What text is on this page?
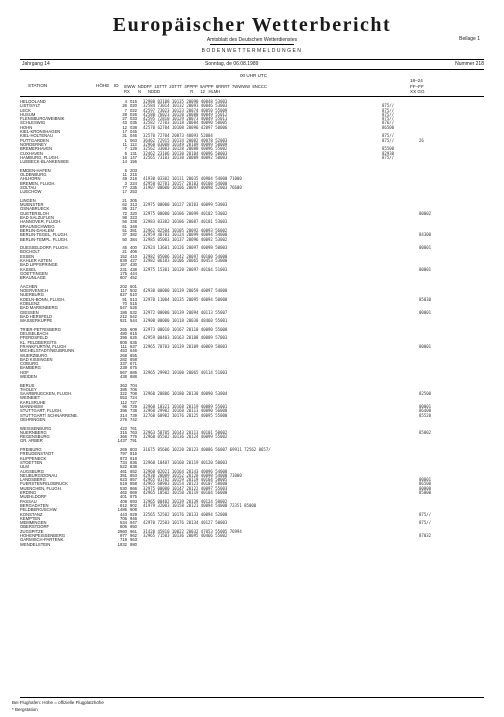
Europäischer Wetterbericht
Amtsblatt des Deutschen Wetterdienstes	Beilage 1
BODENWETTERMELDUNGEN
Jahrgang 14	Sonntag, de 06.08.1989	Nummer 218
00 UHR UTC
18–24
STATION	HÖHE ID IIIWW  NDDFF  1STTT  2STTT  4PPPP  5APPP  6RRRT  7WWWW  8NCCC
RX       N      NDDD                          R      12   HLMH
FF–FF
XX GG
HELGOLAND	4 015 32980 03108 10135 20090 40048 53003
LIST/SYLT	26 020 32584 73014 10132 20093 40046 53003	875//
LECK	7 022 42597 73023 10123 20074 40050 55009	875//
HUSUM	28 026 42580 76023 10120 20080 40049 55012	875//
FLENSBURG/WEIBNIK	27 033 42595 72810 10129 20073 40049 55011	875//
SCHLESWIG	43 035 32582 72703 10118 20084 40090 50005	876//
HOHN	12 038 42570 62704 10108 20096 42097 50006	86500
KIEL-KRONSHAGEN	17 045
KIEL-HOLTENAU	31 046 32570 72704 20073 40093 52004	875//
PUTTGARDEN	1 063 36462 72915 10134 20082 40078 52003	875//	26
NORDERNEY	11 113 32960 03008 10149 20109 40099 50009
BREMERHAVEN	7 129 32562 33003 10128 20088 40096 55002	85500
CUXHAVEN	5 131 32462 23106 10130 20104 40096 50003	82930
HAMBURG, FLUGH.	16 147 32565 73103 10130 20089 40092 50003	875//
LUEBECK-BLANKENSEE	14 156
EMDEN-HAFEN	5 203
OLDENBURG	11 215
AHLHORN	49 218 41930 03302 10111 20035 40904 54000 71000
BREMEN, FLUGH.	3 224 42958 02701 10157 20103 40108 54000
SOLTAU	77 235 31907 00000 10106 20097 40098 52003 76600
LUECHOW	17 253
LINGEN	21 305
MUENSTER	62 313 32975 00000 10127 20103 40099 53003
OSNABRUECK	95 317
GUETERSLOH	72 320 32975 00000 10106 20099 40102 53002	00002
BAD SALZUFLEN	98 323
HANNOVER, FLUGH.	56 338 32983 03302 10106 20087 40101 53003
BRAUNSCHWEIG	61 348
BERLIN-DAHLEM	51 381 32962 02504 10105 20092 40093 56002
BERLIN-TEGEL, FLUGH.	37 382 32959 40703 10124 20099 40094 54000	84300
BERLIN-TEMPL. FLUGH.	50 384 32985 05003 10137 20096 40092 53002
DUESSELDORF, FLUGH.	45 400 32924 13601 10126 20097 40098 50003	00001
BOCHOLT	21 406
ESSEN	152 410 32982 05006 10142 20097 40100 54000
KAHLER ASTEN	839 427 32982 06103 10106 20065 40453 53000
BAD LIPPSPRINGE	157 430
KASSEL	231 438 32975 15301 10120 20097 40104 51003	00001
GOETTINGEN	175 444
BRAUNLAGE	607 452
AACHEN	202 501
NOERVENICH	117 502 42930 00000 10139 20059 40097 54000
NUERBURG	627 510
KOELN-BONN, FLUGH.	91 513 32970 11004 10135 20095 40094 50000	85030
KOBLENZ	70 515
BAD MARIENBERG	547 526
GIESSEN	186 532 32972 00000 10139 20094 40113 55007	00001
BAD HERSFELD	212 542
WASSERKUPPE	921 544 32900 00000 10118 20038 48460 55001
TRIER-PETRISBERG	265 609 32973 00010 10167 20110 40090 55000
DEUSELBACH	480 615
PFERDSFELD	396 626 42959 00403 10163 20108 40089 57003
KL. FELDBERG/TS	806 635
FRANKFURT/M, FLUGH	111 637 32965 70703 10139 20109 40069 58003	00001
MICHELSTADT/NEUBRUNN	453 646
WUERZBURG	268 655
BAD KISSINGEN	282 658
COBURG	337 671
BAMBERG	239 675
HOF	567 685 32965 29902 10100 20065 40114 51003
WEIDEN	438 688
BERUS	363 704
THOLEY	386 706
SAARBRUECKEN, FLUGH.	322 708 32960 20806 10180 20130 40090 53004	82500
WEINBIET	553 724
KARLSRUHE	112 727
MANNHEIM	96 729 32960 10321 10168 20119 40089 55001	00001
STUTTGART, FLUGH.	396 738 32960 29902 10160 20113 40090 56000	86400
STUTTGART/ SCHNARRENB.	314 739 32760 60902 10176 20125 40095 55000	85520
OEHRINGEN	276 742
WEISSENBURG	422 761
NUERNBERG	315 763 32963 50705 10143 20113 40101 50002	85002
REGENSBURG	366 776 32960 05502 10136 20124 40099 55002
GR. ARBER	1437 791
FREIBURG	269 803 31675 85606 10220 20123 40086 56007 69911 72562 8657/
FREUDENSTADT	797 815
KLIPPENECK	973 818
STOETTEN	734 836 32960 10407 10160 20119 40120 50003
ULM	522 838
AUGSBURG	461 852 32960 02021 10164 20143 40096 54000
NEUBURG/DONAU	381 853 42930 20009 10152 20128 40098 54000 71000
LANDSBERG	623 857 42965 01702 10159 20119 40104 58005	00001
FUERSTENFELDBRUCK	519 858 42965 60903 10154 20123 40107 58000	86500
MUENCHEN, FLUGH.	530 866 32975 00000 10147 20122 40097 55003	00000
ERDING	462 869 42965 10502 10150 20119 40104 56000	85000
MUEHLDORF	401 875
PASSAU	409 893 32965 00402 10139 20139 40124 50002
BERGADATEN	812 902 41979 32003 10158 20121 40094 54000 72351 85000
FELDBERG/SCHW.	1486 908
KONSTANZ	443 929 32565 52502 10176 20133 40094 52000	875//
KEMPTEN	705 946
MEMMINGEN	634 947 42970 72503 10176 20134 40127 50003	875//
OBERSTDORF	806 950
ZUGSPITZE	2960 961 31420 45810 10022 20032 47053 55005 76994
HOHENPEISSENBERG	977 962 32965 71503 10136 20095 40466 55002	87032
GARMISCH-PARTENK.	719 963
WENDELSTEIN	1832 980
Bei Flughafen: Höhe = offizielle Flugplatzhöhe
* Bergstation
